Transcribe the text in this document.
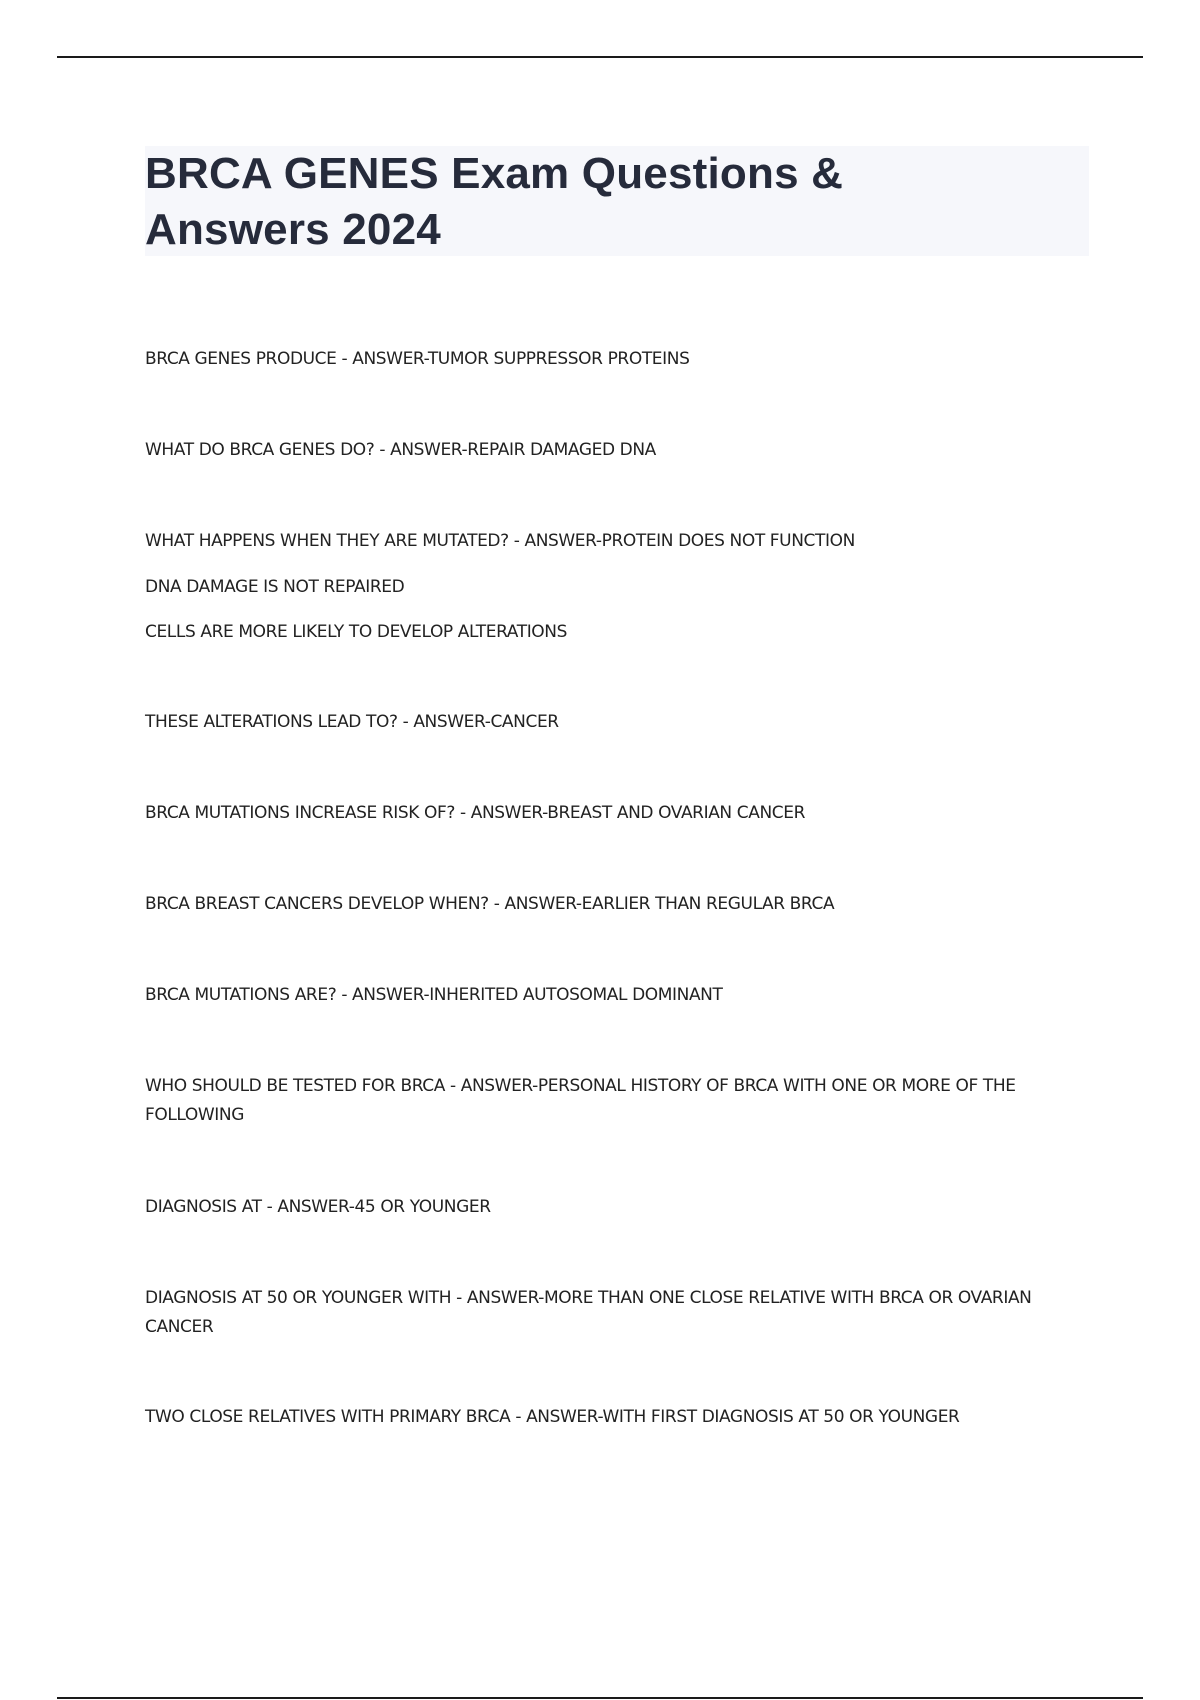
BRCA GENES Exam Questions &
Answers 2024

BRCA GENES PRODUCE - ANSWER-TUMOR SUPPRESSOR PROTEINS

WHAT DO BRCA GENES DO? - ANSWER-REPAIR DAMAGED DNA

WHAT HAPPENS WHEN THEY ARE MUTATED? - ANSWER-PROTEIN DOES NOT FUNCTION

DNA DAMAGE IS NOT REPAIRED

CELLS ARE MORE LIKELY TO DEVELOP ALTERATIONS

THESE ALTERATIONS LEAD TO? - ANSWER-CANCER

BRCA MUTATIONS INCREASE RISK OF? - ANSWER-BREAST AND OVARIAN CANCER

BRCA BREAST CANCERS DEVELOP WHEN? - ANSWER-EARLIER THAN REGULAR BRCA

BRCA MUTATIONS ARE? - ANSWER-INHERITED AUTOSOMAL DOMINANT

WHO SHOULD BE TESTED FOR BRCA - ANSWER-PERSONAL HISTORY OF BRCA WITH ONE OR MORE OF THE FOLLOWING

DIAGNOSIS AT - ANSWER-45 OR YOUNGER

DIAGNOSIS AT 50 OR YOUNGER WITH - ANSWER-MORE THAN ONE CLOSE RELATIVE WITH BRCA OR OVARIAN CANCER

TWO CLOSE RELATIVES WITH PRIMARY BRCA - ANSWER-WITH FIRST DIAGNOSIS AT 50 OR YOUNGER
